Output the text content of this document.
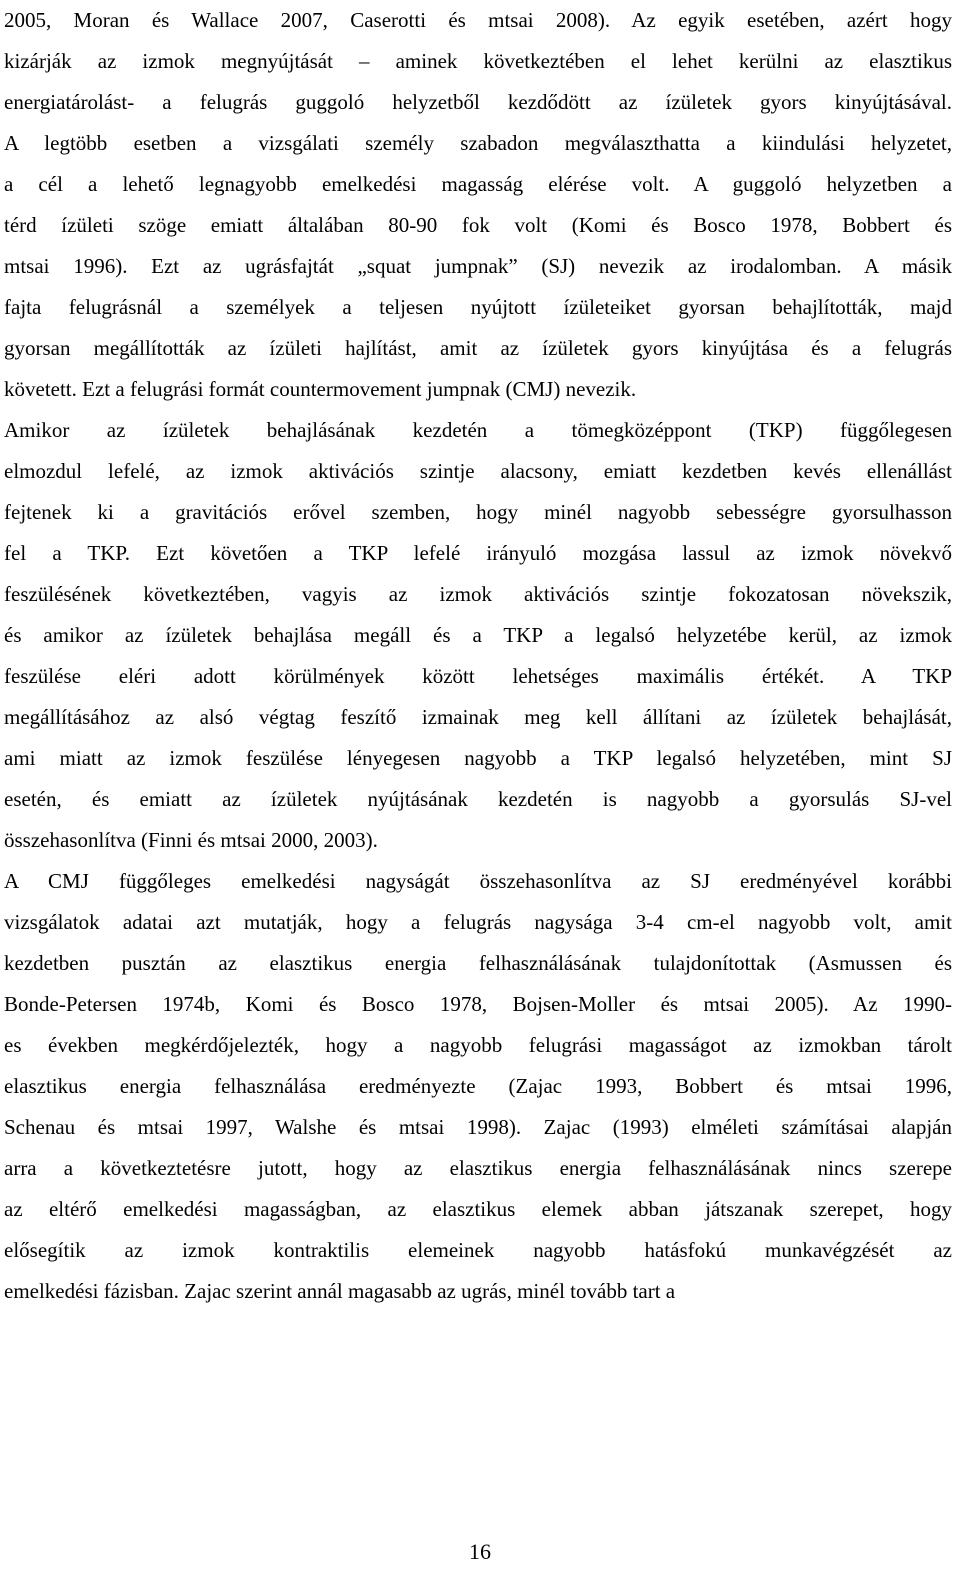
2005, Moran és Wallace 2007, Caserotti és mtsai 2008). Az egyik esetében, azért hogy
kizárják az izmok megnyújtását – aminek következtében el lehet kerülni az elasztikus
energiatárolást- a felugrás guggoló helyzetből kezdődött az ízületek gyors kinyújtásával.
A legtöbb esetben a vizsgálati személy szabadon megválaszthatta a kiindulási helyzetet,
a cél a lehető legnagyobb emelkedési magasság elérése volt. A guggoló helyzetben a
térd ízületi szöge emiatt általában 80-90 fok volt (Komi és Bosco 1978, Bobbert és
mtsai 1996). Ezt az ugrásfajtát „squat jumpnak” (SJ) nevezik az irodalomban. A másik
fajta felugrásnál a személyek a teljesen nyújtott ízületeiket gyorsan behajlították, majd
gyorsan megállították az ízületi hajlítást, amit az ízületek gyors kinyújtása és a felugrás
követett. Ezt a felugrási formát countermovement jumpnak (CMJ) nevezik.
Amikor az ízületek behajlásának kezdetén a tömegközéppont (TKP) függőlegesen
elmozdul lefelé, az izmok aktivációs szintje alacsony, emiatt kezdetben kevés ellenállást
fejtenek ki a gravitációs erővel szemben, hogy minél nagyobb sebességre gyorsulhasson
fel a TKP. Ezt követően a TKP lefelé irányuló mozgása lassul az izmok növekvő
feszülésének következtében, vagyis az izmok aktivációs szintje fokozatosan növekszik,
és amikor az ízületek behajlása megáll és a TKP a legalsó helyzetébe kerül, az izmok
feszülése eléri adott körülmények között lehetséges maximális értékét. A TKP
megállításához az alsó végtag feszítő izmainak meg kell állítani az ízületek behajlását,
ami miatt az izmok feszülése lényegesen nagyobb a TKP legalsó helyzetében, mint SJ
esetén, és emiatt az ízületek nyújtásának kezdetén is nagyobb a gyorsulás SJ-vel
összehasonlítva (Finni és mtsai 2000, 2003).
A CMJ függőleges emelkedési nagyságát összehasonlítva az SJ eredményével korábbi
vizsgálatok adatai azt mutatják, hogy a felugrás nagysága 3-4 cm-el nagyobb volt, amit
kezdetben pusztán az elasztikus energia felhasználásának tulajdonítottak (Asmussen és
Bonde-Petersen 1974b, Komi és Bosco 1978, Bojsen-Moller és mtsai 2005). Az 1990-
es években megkérdőjelezték, hogy a nagyobb felugrási magasságot az izmokban tárolt
elasztikus energia felhasználása eredményezte (Zajac 1993, Bobbert és mtsai 1996,
Schenau és mtsai 1997, Walshe és mtsai 1998). Zajac (1993) elméleti számításai alapján
arra a következtetésre jutott, hogy az elasztikus energia felhasználásának nincs szerepe
az eltérő emelkedési magasságban, az elasztikus elemek abban játszanak szerepet, hogy
elősegítik az izmok kontraktilis elemeinek nagyobb hatásfokú munkavégzését az
emelkedési fázisban. Zajac szerint annál magasabb az ugrás, minél tovább tart a
16
